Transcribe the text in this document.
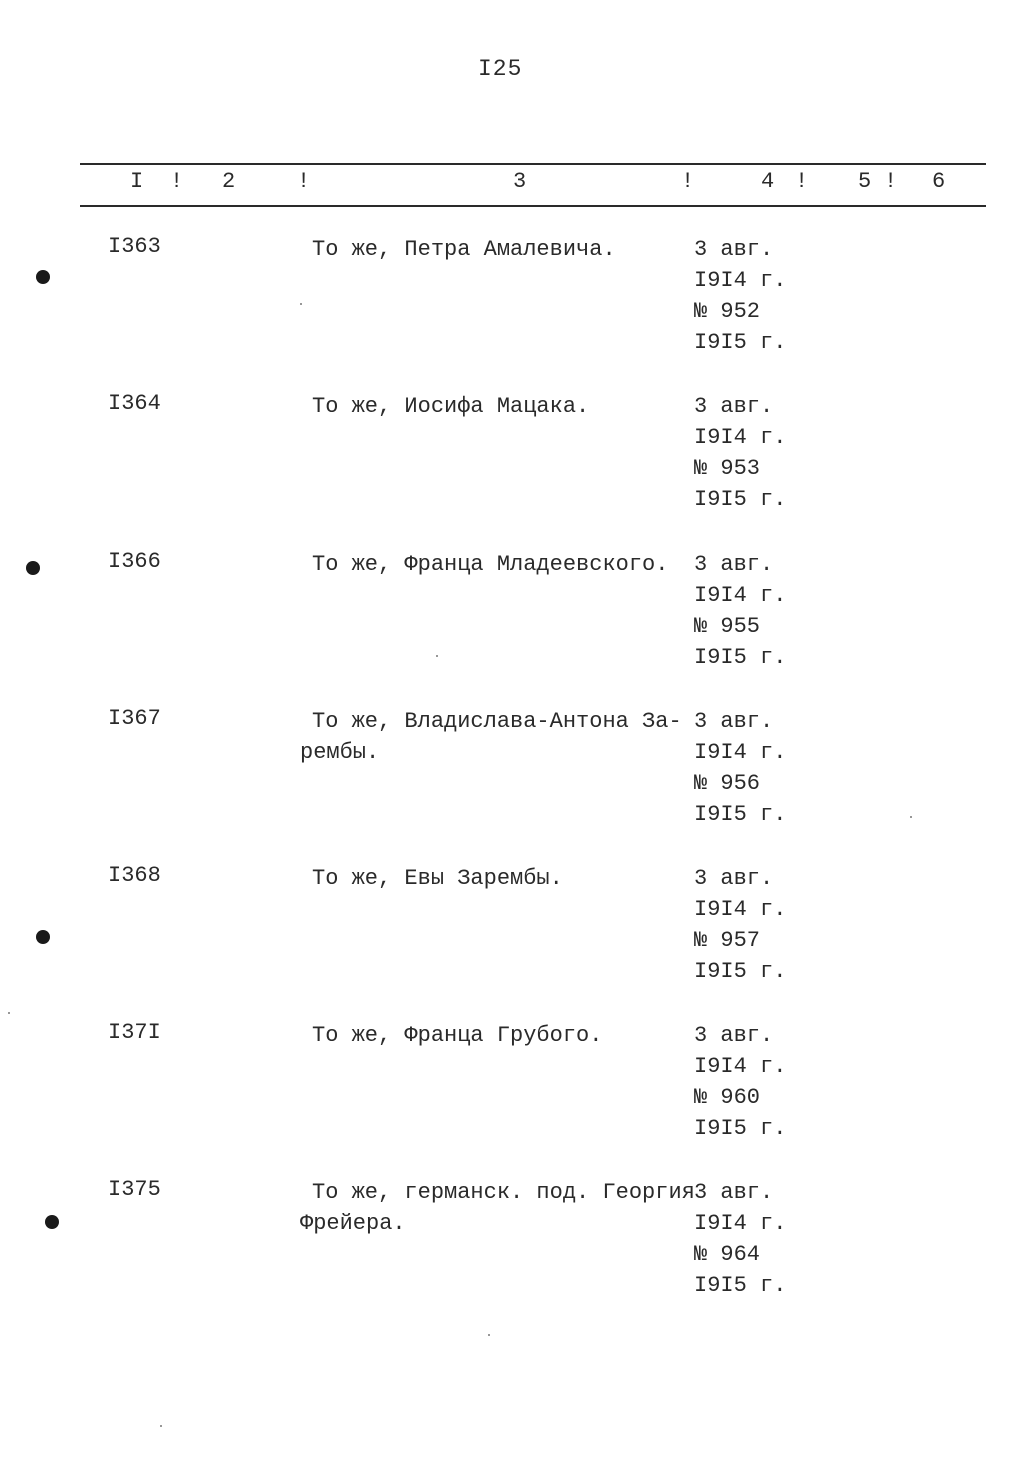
I25
I ! 2	!	3	!	4 ! 5 ! 6
I363	То же, Петра Амалевича.	3 авг.
I9I4 г.
№ 952
I9I5 г.
I364	То же, Иосифа Мацака.	3 авг.
I9I4 г.
№ 953
I9I5 г.
I366	То же, Франца Младеевского.	3 авг.
I9I4 г.
№ 955
I9I5 г.
I367	То же, Владислава-Антона За-
ремб​ы.
3 авг.
I9I4 г.
№ 956
I9I5 г.
I368	То же, Евы Зарембы.	3 авг.
I9I4 г.
№ 957
I9I5 г.
I37I	То же, Франца Грубого.	3 авг.
I9I4 г.
№ 960
I9I5 г.
I375	То же, германск. под. Георгия
Фрейера.
3 авг.
I9I4 г.
№ 964
I9I5 г.
